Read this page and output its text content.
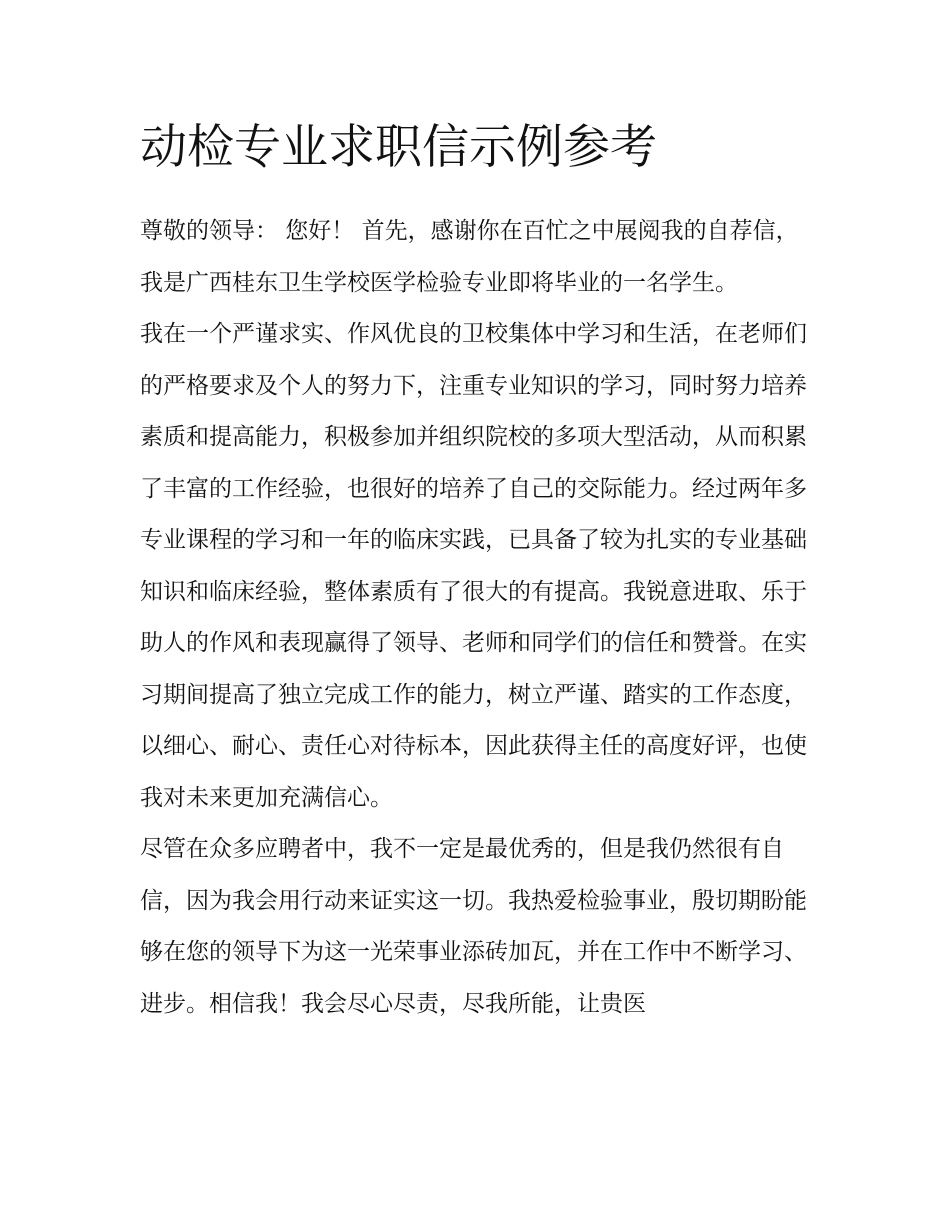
动检专业求职信示例参考

尊敬的领导： 您好！ 首先，感谢你在百忙之中展阅我的自荐信，我是广西桂东卫生学校医学检验专业即将毕业的一名学生。

我在一个严谨求实、作风优良的卫校集体中学习和生活，在老师们的严格要求及个人的努力下，注重专业知识的学习，同时努力培养素质和提高能力，积极参加并组织院校的多项大型活动，从而积累了丰富的工作经验，也很好的培养了自己的交际能力。经过两年多专业课程的学习和一年的临床实践，已具备了较为扎实的专业基础知识和临床经验，整体素质有了很大的有提高。我锐意进取、乐于助人的作风和表现赢得了领导、老师和同学们的信任和赞誉。在实习期间提高了独立完成工作的能力，树立严谨、踏实的工作态度，以细心、耐心、责任心对待标本，因此获得主任的高度好评，也使我对未来更加充满信心。

尽管在众多应聘者中，我不一定是最优秀的，但是我仍然很有自信，因为我会用行动来证实这一切。我热爱检验事业，殷切期盼能够在您的领导下为这一光荣事业添砖加瓦，并在工作中不断学习、进步。相信我！我会尽心尽责，尽我所能，让贵医
